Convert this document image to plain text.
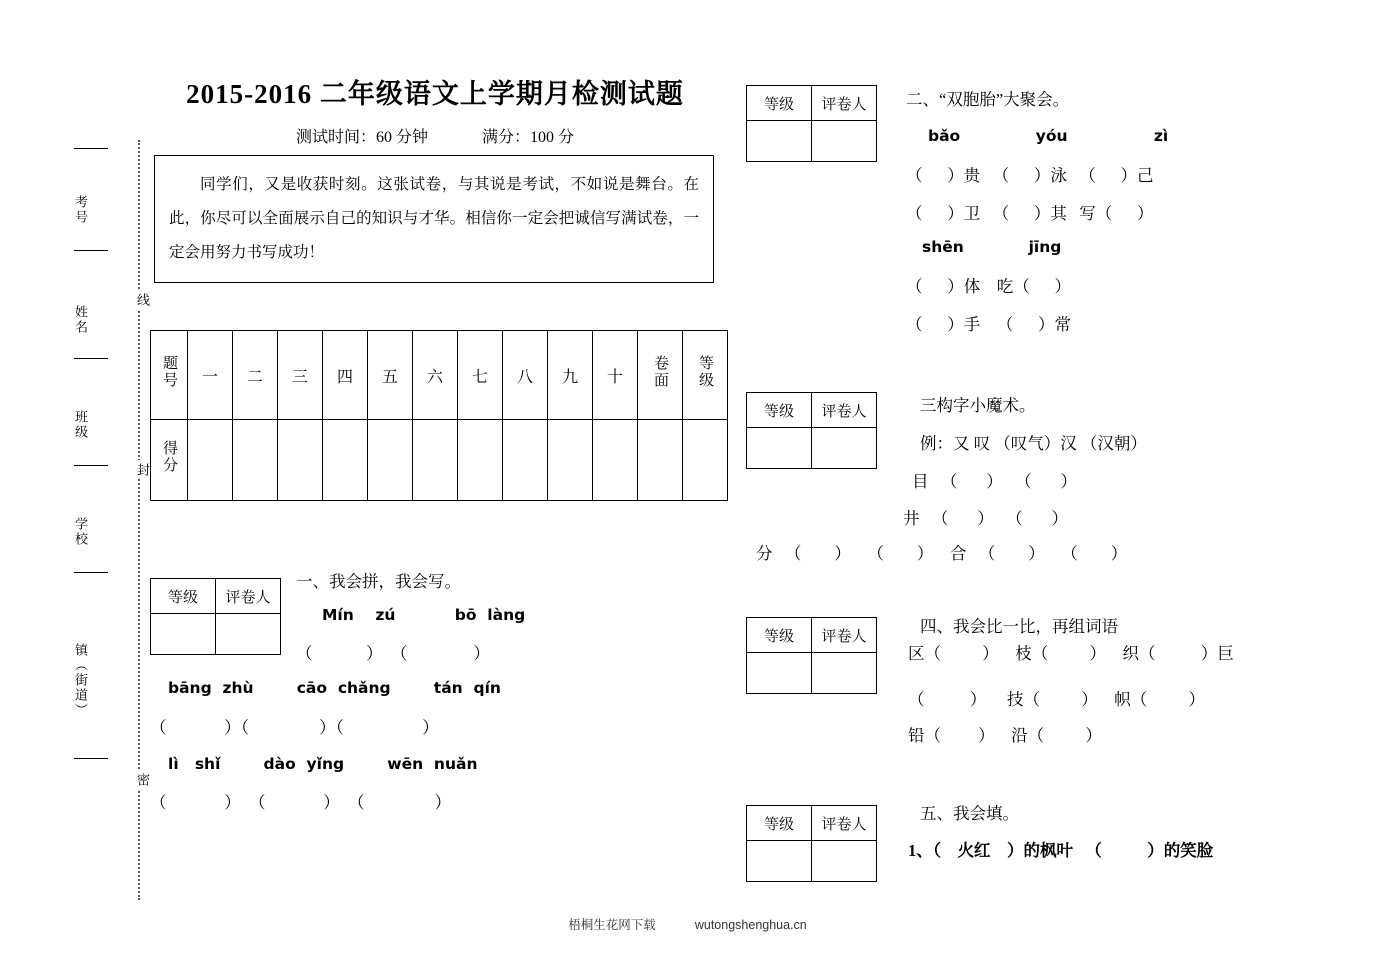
考号
姓名
班级
学校
镇（街道）
线
封
密
2015-2016 二年级语文上学期月检测试题
测试时间：60 分钟	满分：100 分

同学们，又是收获时刻。这张试卷，与其说是考试，不如说是舞台。在此，你尽可以全面展示自己的知识与才华。相信你一定会把诚信写满试卷，一定会用努力书写成功！

题号	一	二	三	四	五	六	七	八	九	十	卷面	等级
得分												
等级	评卷人

一、我会拼，我会写。
Mín    zú           bō  làng
（             ）  （                ）
bāng  zhù        cāo  chǎng        tán  qín
（              ）（                 ）（                   ）
lì   shǐ        dào  yǐng        wēn  nuǎn
（              ）  （              ）  （                 ）
等级	评卷人
	二、“双胞胎”大聚会。
bǎo              yóu                zì
（      ）贵   （      ）泳   （      ）己
（      ）卫   （      ）其   写（      ）
shēn            jīng
（      ）体    吃（      ）
（      ）手    （      ）常
等级	评卷人
		三构字小魔术。
例：又 叹 （叹气）汉 （汉朝）
目   （       ）   （       ）
井   （       ）   （       ）
分   （        ）    （        ）    合   （        ）    （        ）
等级	评卷人

四、我会比一比，再组词语
区（          ）    枝（          ）    织（           ）巨
（           ）     技（          ）    帜（          ）
铅（         ）    沿（          ）
等级	评卷人

五、我会填。
1、（    火红    ）的枫叶   （           ）的笑脸
梧桐生花网下载	wutongshenghua.cn
